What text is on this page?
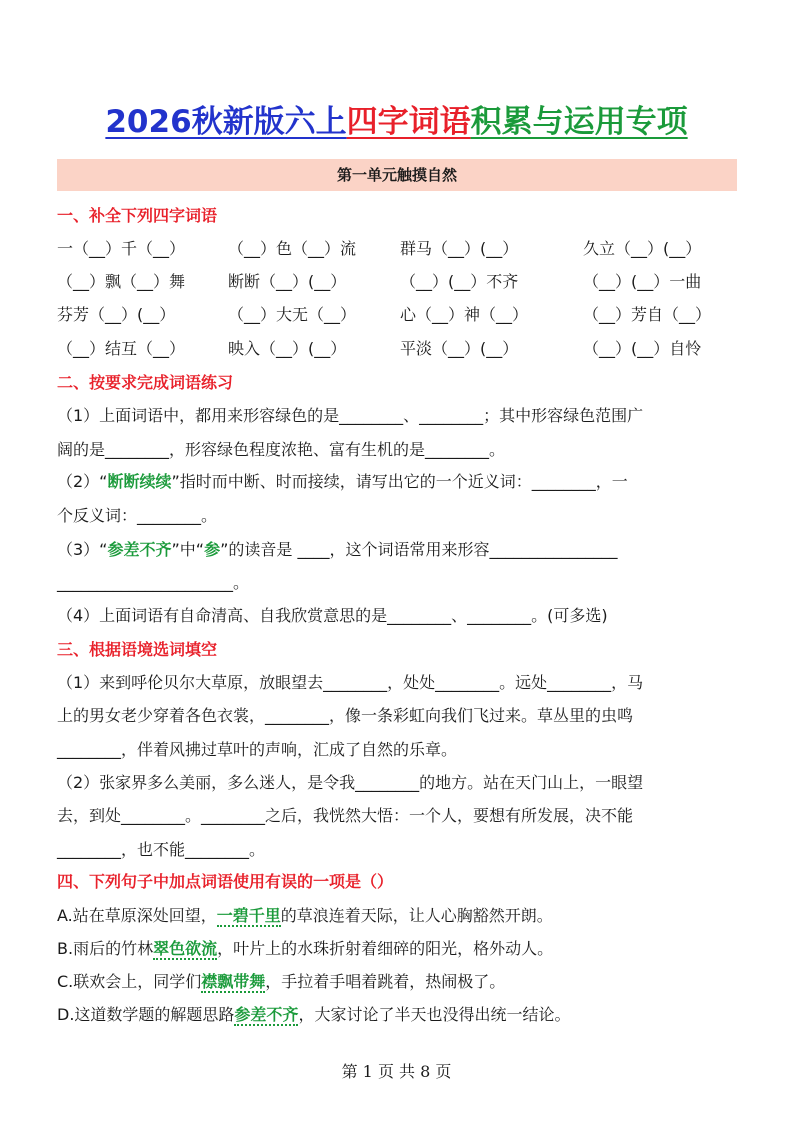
2026秋新版六上四字词语积累与运用专项
第一单元触摸自然
一、补全下列四字词语
一（__）千（__）	（__）色（__）流	群马（__）(__）	久立（__）(__）
（__）飘（__）舞	断断（__）(__）	（__）(__）不齐	（__）(__）一曲
芬芳（__）(__）	（__）大无（__）	心（__）神（__）	（__）芳自（__）
（__）结互（__）	映入（__）(__）	平淡（__）(__）	（__）(__）自怜
二、按要求完成词语练习
（1）上面词语中，都用来形容绿色的是________、________；其中形容绿色范围广
阔的是________，形容绿色程度浓艳、富有生机的是________。
（2）“断断续续”指时而中断、时而接续，请写出它的一个近义词：________，一
个反义词：________。
（3）“参差不齐”中“参”的读音是 ____，这个词语常用来形容________________
______________________。
（4）上面词语有自命清高、自我欣赏意思的是________、________。(可多选)
三、根据语境选词填空
（1）来到呼伦贝尔大草原，放眼望去________，处处________。远处________，马
上的男女老少穿着各色衣裳，________，像一条彩虹向我们飞过来。草丛里的虫鸣
________，伴着风拂过草叶的声响，汇成了自然的乐章。
（2）张家界多么美丽，多么迷人，是令我________的地方。站在天门山上，一眼望
去，到处________。________之后，我恍然大悟：一个人，要想有所发展，决不能
________，也不能________。
四、下列句子中加点词语使用有误的一项是（）
A.站在草原深处回望，一碧千里的草浪连着天际，让人心胸豁然开朗。
B.雨后的竹林翠色欲流，叶片上的水珠折射着细碎的阳光，格外动人。
C.联欢会上，同学们襟飘带舞，手拉着手唱着跳着，热闹极了。
D.这道数学题的解题思路参差不齐，大家讨论了半天也没得出统一结论。
第 1 页 共 8 页
